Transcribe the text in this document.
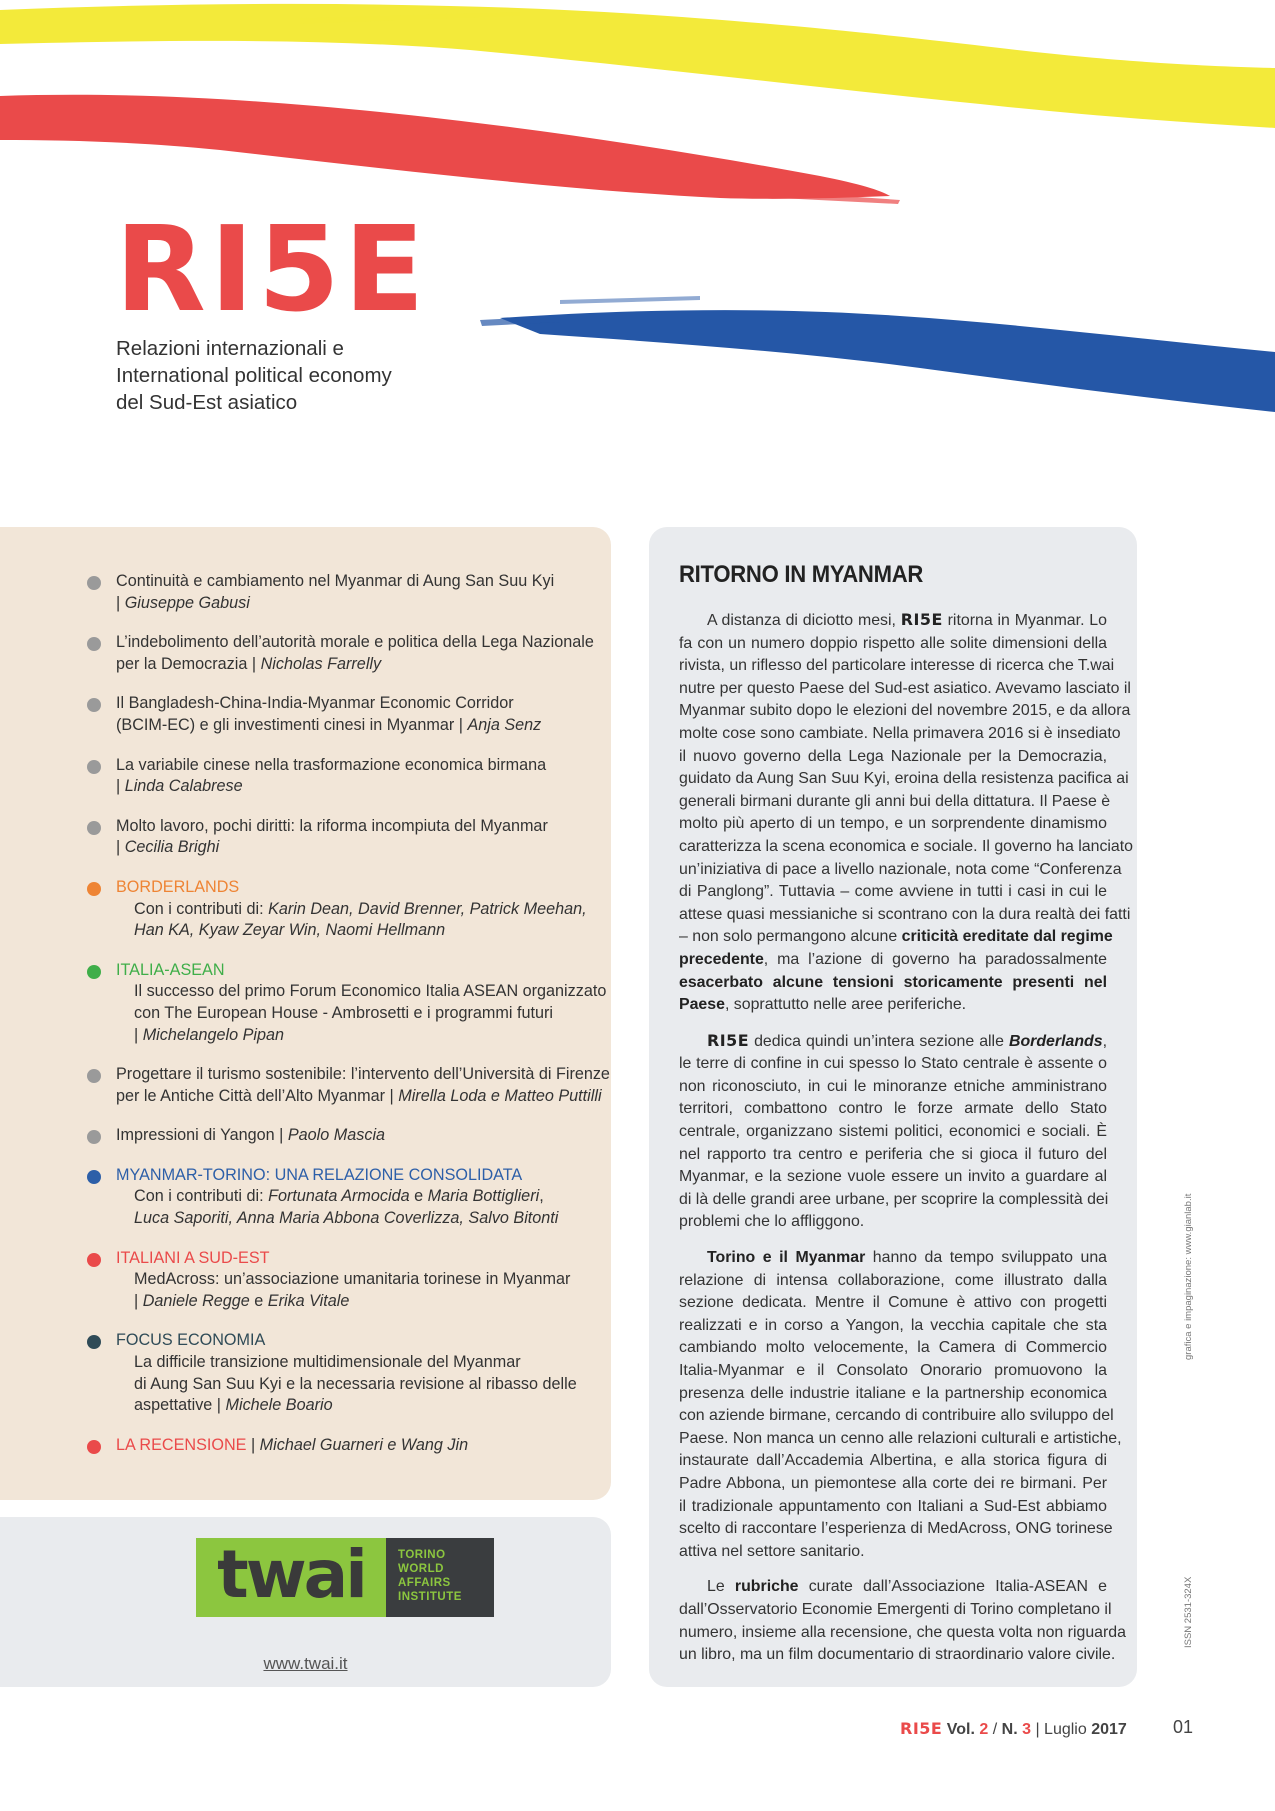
RI5E
Relazioni internazionali e
International political economy
del Sud-Est asiatico
Continuità e cambiamento nel Myanmar di Aung San Suu Kyi
| Giuseppe Gabusi
L’indebolimento dell’autorità morale e politica della Lega Nazionale
per la Democrazia | Nicholas Farrelly
Il Bangladesh-China-India-Myanmar Economic Corridor
(BCIM-EC) e gli investimenti cinesi in Myanmar | Anja Senz
La variabile cinese nella trasformazione economica birmana
| Linda Calabrese
Molto lavoro, pochi diritti: la riforma incompiuta del Myanmar
| Cecilia Brighi
BORDERLANDS
Con i contributi di: Karin Dean, David Brenner, Patrick Meehan,
Han KA, Kyaw Zeyar Win, Naomi Hellmann
ITALIA-ASEAN
Il successo del primo Forum Economico Italia ASEAN organizzato
con The European House - Ambrosetti e i programmi futuri
| Michelangelo Pipan
Progettare il turismo sostenibile: l’intervento dell’Università di Firenze
per le Antiche Città dell’Alto Myanmar | Mirella Loda e Matteo Puttilli
Impressioni di Yangon | Paolo Mascia
MYANMAR-TORINO: UNA RELAZIONE CONSOLIDATA
Con i contributi di: Fortunata Armocida e Maria Bottiglieri,
Luca Saporiti, Anna Maria Abbona Coverlizza, Salvo Bitonti
ITALIANI A SUD-EST
MedAcross: un’associazione umanitaria torinese in Myanmar
| Daniele Regge e Erika Vitale
FOCUS ECONOMIA
La difficile transizione multidimensionale del Myanmar
di Aung San Suu Kyi e la necessaria revisione al ribasso delle
aspettative | Michele Boario
LA RECENSIONE | Michael Guarneri e Wang Jin
twai	TORINO
WORLD
AFFAIRS
INSTITUTE
www.twai.it
RITORNO IN MYANMAR
A distanza di diciotto mesi, RI5E ritorna in Myanmar. Lo
fa con un numero doppio rispetto alle solite dimensioni della
rivista, un riflesso del particolare interesse di ricerca che T.wai
nutre per questo Paese del Sud-est asiatico. Avevamo lasciato il
Myanmar subito dopo le elezioni del novembre 2015, e da allora
molte cose sono cambiate. Nella primavera 2016 si è insediato
il nuovo governo della Lega Nazionale per la Democrazia,
guidato da Aung San Suu Kyi, eroina della resistenza pacifica ai
generali birmani durante gli anni bui della dittatura. Il Paese è
molto più aperto di un tempo, e un sorprendente dinamismo
caratterizza la scena economica e sociale. Il governo ha lanciato
un’iniziativa di pace a livello nazionale, nota come “Conferenza
di Panglong”. Tuttavia – come avviene in tutti i casi in cui le
attese quasi messianiche si scontrano con la dura realtà dei fatti
– non solo permangono alcune criticità ereditate dal regime
precedente, ma l’azione di governo ha paradossalmente
esacerbato alcune tensioni storicamente presenti nel
Paese, soprattutto nelle aree periferiche.
RI5E dedica quindi un’intera sezione alle Borderlands,
le terre di confine in cui spesso lo Stato centrale è assente o
non riconosciuto, in cui le minoranze etniche amministrano
territori, combattono contro le forze armate dello Stato
centrale, organizzano sistemi politici, economici e sociali. È
nel rapporto tra centro e periferia che si gioca il futuro del
Myanmar, e la sezione vuole essere un invito a guardare al
di là delle grandi aree urbane, per scoprire la complessità dei
problemi che lo affliggono.
Torino e il Myanmar hanno da tempo sviluppato una
relazione di intensa collaborazione, come illustrato dalla
sezione dedicata. Mentre il Comune è attivo con progetti
realizzati e in corso a Yangon, la vecchia capitale che sta
cambiando molto velocemente, la Camera di Commercio
Italia-Myanmar e il Consolato Onorario promuovono la
presenza delle industrie italiane e la partnership economica
con aziende birmane, cercando di contribuire allo sviluppo del
Paese. Non manca un cenno alle relazioni culturali e artistiche,
instaurate dall’Accademia Albertina, e alla storica figura di
Padre Abbona, un piemontese alla corte dei re birmani. Per
il tradizionale appuntamento con Italiani a Sud-Est abbiamo
scelto di raccontare l’esperienza di MedAcross, ONG torinese
attiva nel settore sanitario.
Le rubriche curate dall’Associazione Italia-ASEAN e
dall’Osservatorio Economie Emergenti di Torino completano il
numero, insieme alla recensione, che questa volta non riguarda
un libro, ma un film documentario di straordinario valore civile.
grafica e impaginazione: www.gianlab.it
ISSN 2531-324X
RI5E Vol. 2 / N. 3 | Luglio 2017	01
